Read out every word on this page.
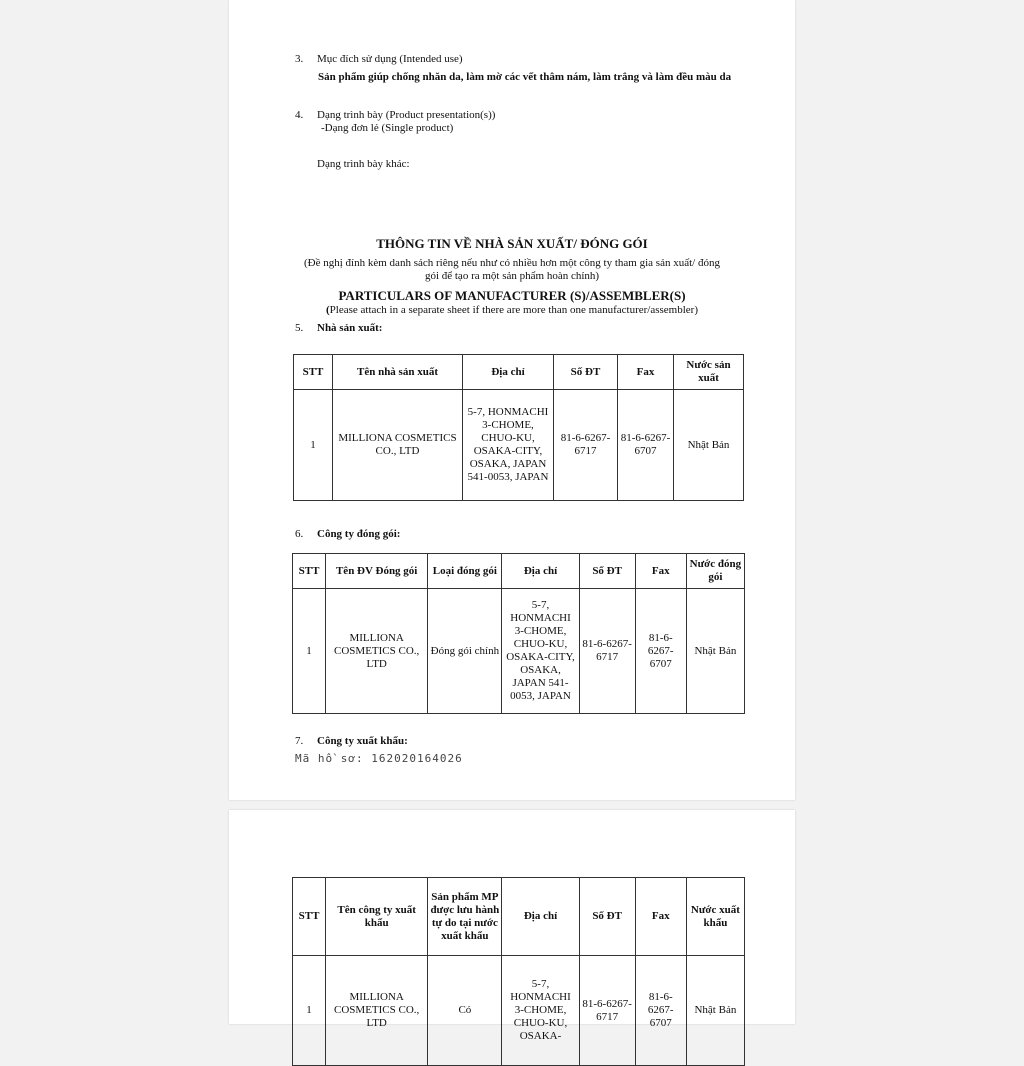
3. Mục đích sử dụng (Intended use)
Sản phẩm giúp chống nhăn da, làm mờ các vết thâm nám, làm trắng và làm đều màu da
4. Dạng trình bày (Product presentation(s))
-Dạng đơn lẻ (Single product)
Dạng trình bày khác:
THÔNG TIN VỀ NHÀ SẢN XUẤT/ ĐÓNG GÓI
(Đề nghị đính kèm danh sách riêng nếu như có nhiều hơn một công ty tham gia sản xuất/ đóng
gói để tạo ra một sản phẩm hoàn chỉnh)
PARTICULARS OF MANUFACTURER (S)/ASSEMBLER(S)
(Please attach in a separate sheet if there are more than one manufacturer/assembler)
5. Nhà sản xuất:
STT	Tên nhà sản xuất	Địa chỉ	Số ĐT	Fax	Nước sản xuất
1	MILLIONA COSMETICS CO., LTD	5-7, HONMACHI 3-CHOME, CHUO-KU, OSAKA-CITY, OSAKA, JAPAN 541-0053, JAPAN	81-6-6267-6717	81-6-6267-6707	Nhật Bản
6. Công ty đóng gói:
STT	Tên ĐV Đóng gói	Loại đóng gói	Địa chỉ	Số ĐT	Fax	Nước đóng gói
1	MILLIONA COSMETICS CO., LTD	Đóng gói chính	5-7, HONMACHI 3-CHOME, CHUO-KU, OSAKA-CITY, OSAKA, JAPAN 541-0053, JAPAN	81-6-6267-6717	81-6-6267-6707	Nhật Bản
7. Công ty xuất khẩu:
Mã hồ sơ: 162020164026
STT	Tên công ty xuất khẩu	Sản phẩm MP được lưu hành tự do tại nước xuất khẩu	Địa chỉ	Số ĐT	Fax	Nước xuất khẩu
1	MILLIONA COSMETICS CO., LTD	Có	5-7, HONMACHI 3-CHOME, CHUO-KU, OSAKA-	81-6-6267-6717	81-6-6267-6707	Nhật Bản
